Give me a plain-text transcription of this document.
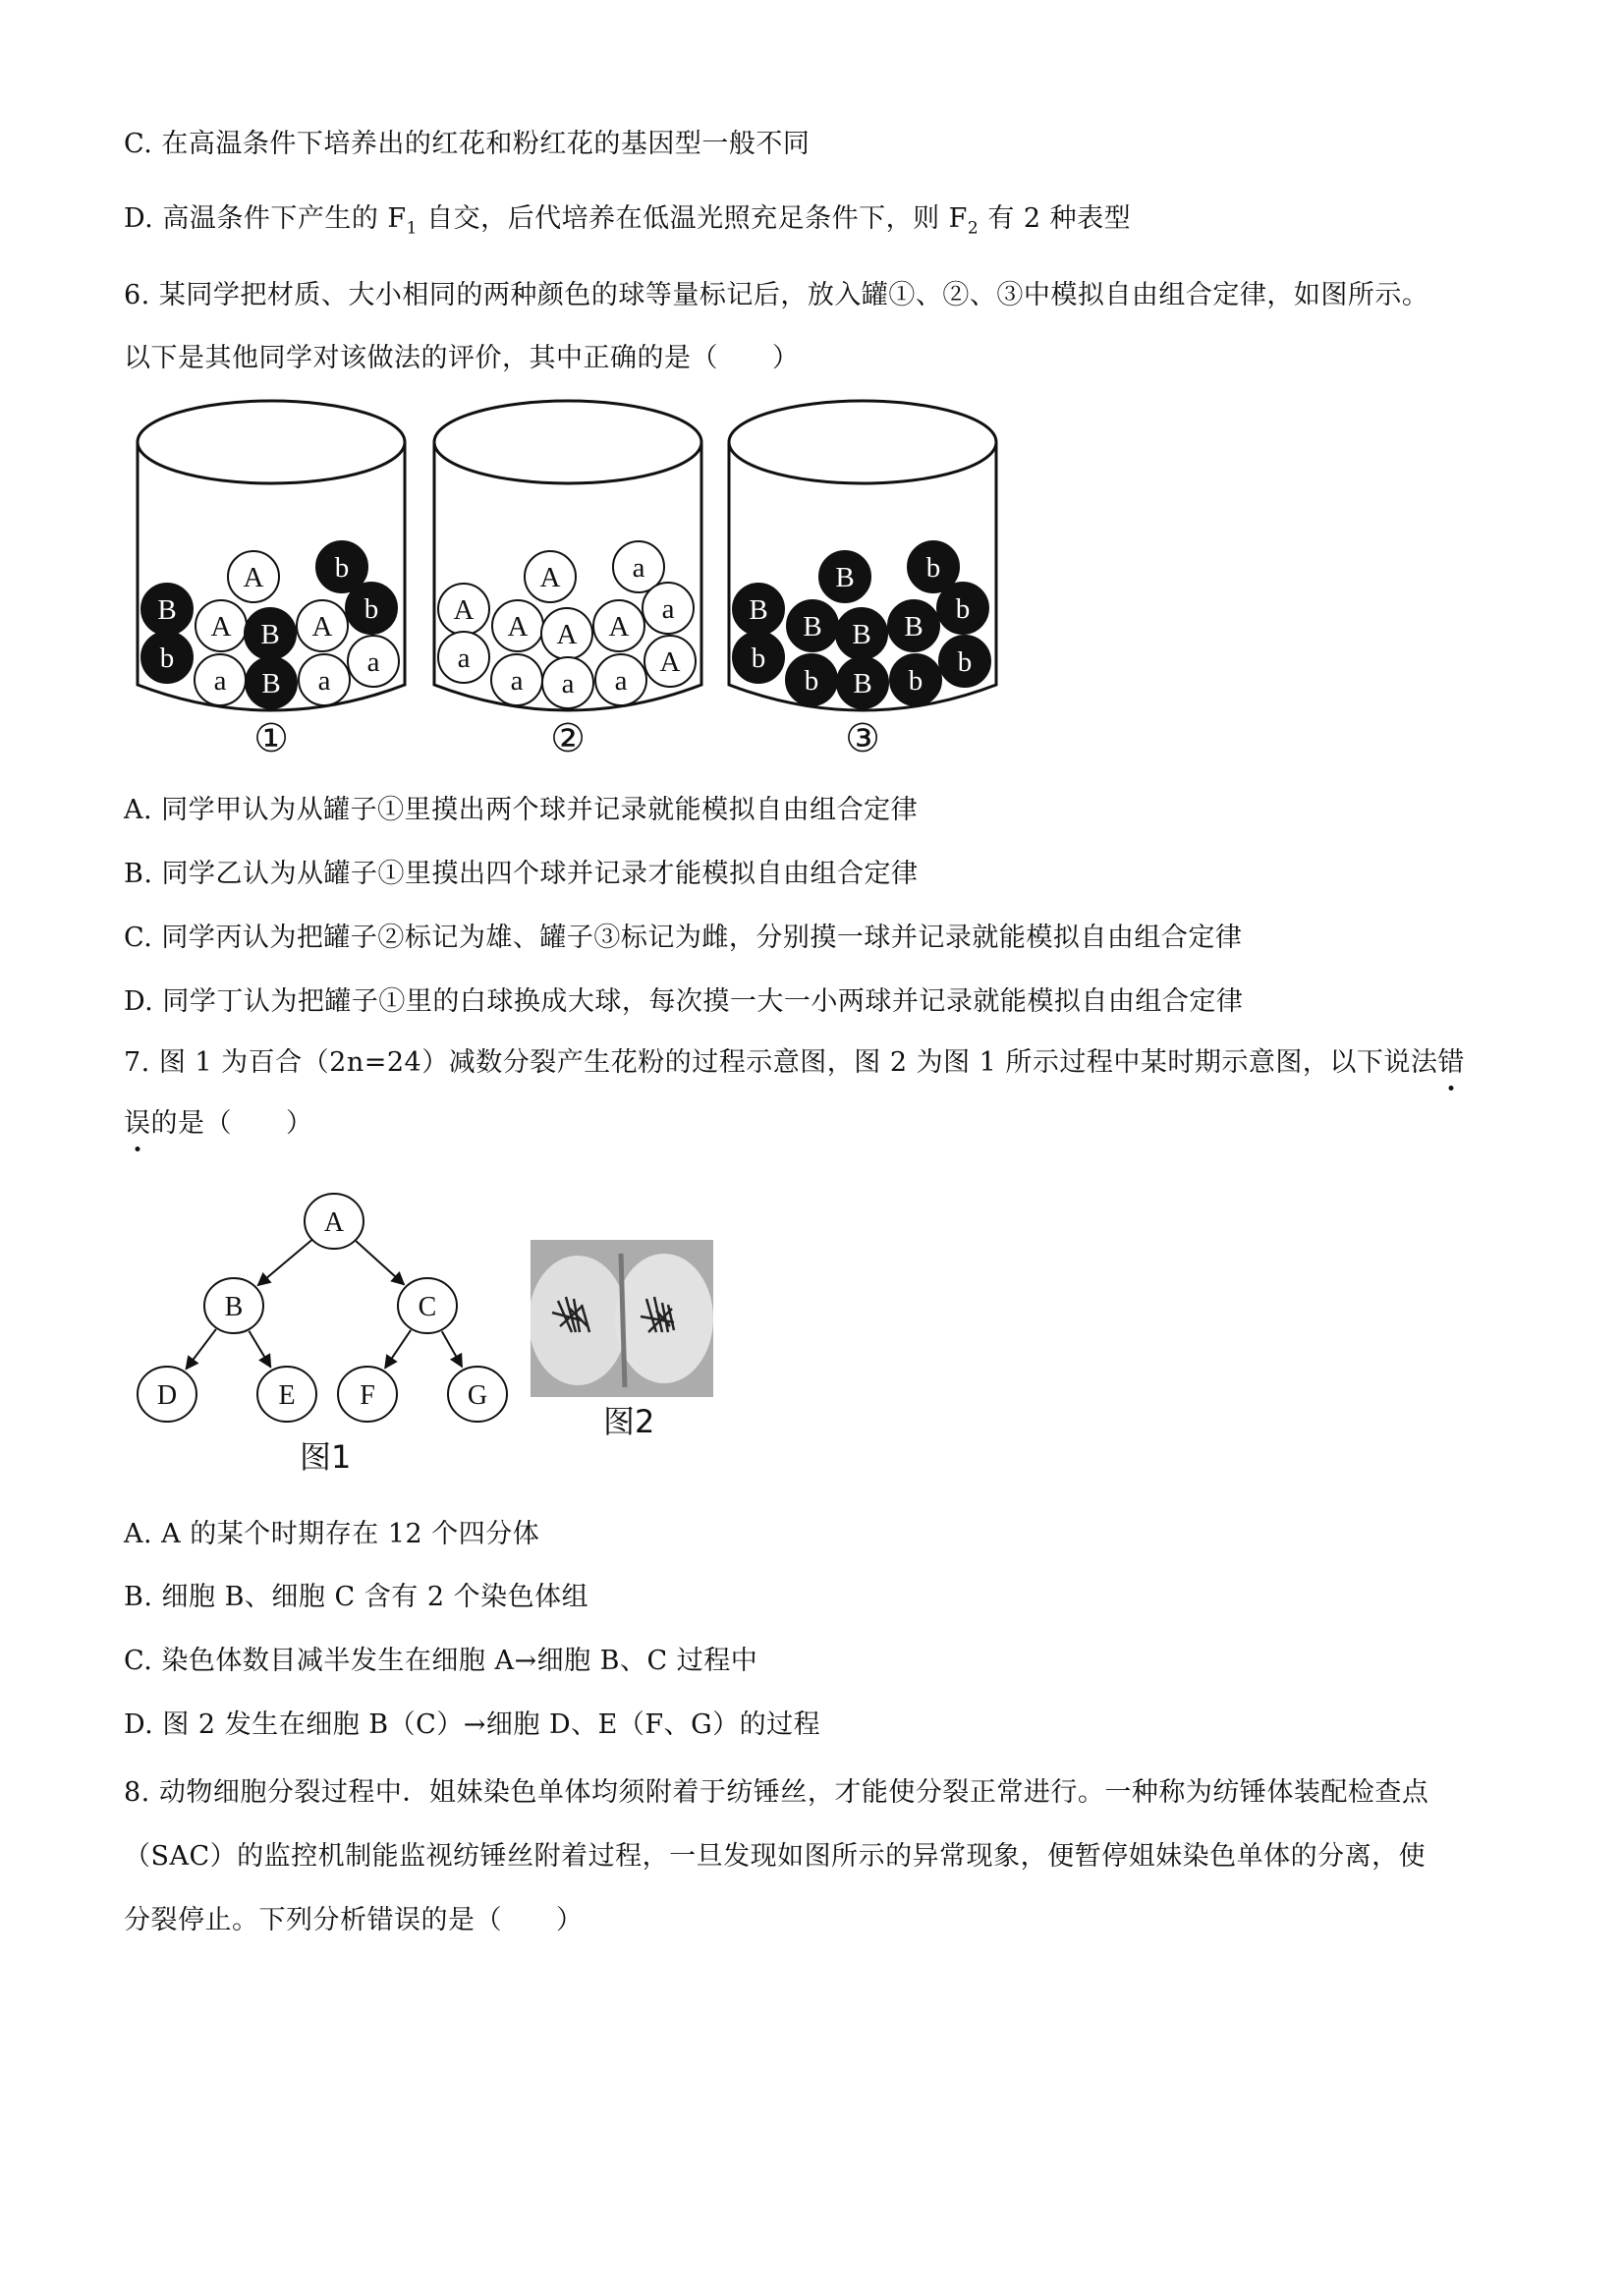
C. 在高温条件下培养出的红花和粉红花的基因型一般不同
D. 高温条件下产生的 $F_1$ 自交，后代培养在低温光照充足条件下，则 $F_2$ 有 2 种表型
6. 某同学把材质、大小相同的两种颜色的球等量标记后，放入罐①、②、③中模拟自由组合定律，如图所示。
以下是其他同学对该做法的评价，其中正确的是（　　）
A b
B
A B A
b
b
a B a
a
①
A	a
A
A A A
a
a
a a a
A
②
B	b
B
B B B
b
b
b B b
b
③
A. 同学甲认为从罐子①里摸出两个球并记录就能模拟自由组合定律
B. 同学乙认为从罐子①里摸出四个球并记录才能模拟自由组合定律
C. 同学丙认为把罐子②标记为雄、罐子③标记为雌，分别摸一球并记录就能模拟自由组合定律
D. 同学丁认为把罐子①里的白球换成大球，每次摸一大一小两球并记录就能模拟自由组合定律
7. 图 1 为百合（2n=24）减数分裂产生花粉的过程示意图，图 2 为图 1 所示过程中某时期示意图，以下说法错
误的是（　　）
A
B	C
D	E F	G
图1
图2
A. A 的某个时期存在 12 个四分体
B. 细胞 B、细胞 C 含有 2 个染色体组
C. 染色体数目减半发生在细胞 A→细胞 B、C 过程中
D. 图 2 发生在细胞 B（C）→细胞 D、E（F、G）的过程
8. 动物细胞分裂过程中．姐妹染色单体均须附着于纺锤丝，才能使分裂正常进行。一种称为纺锤体装配检查点
（SAC）的监控机制能监视纺锤丝附着过程，一旦发现如图所示的异常现象，便暂停姐妹染色单体的分离，使
分裂停止。下列分析错误的是（　　）
